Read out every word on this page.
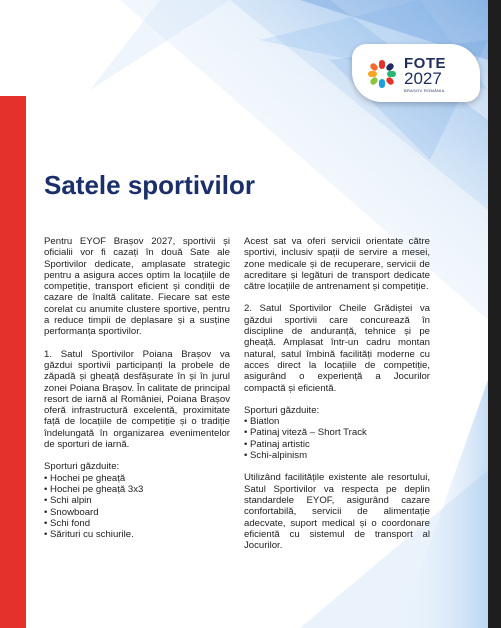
FOTE
2027
BRAȘOV ROMÂNIA
Satele sportivilor

Pentru EYOF Brașov 2027, sportivii și oficialii vor fi cazați în două Sate ale Sportivilor dedicate, amplasate strategic pentru a asigura acces optim la locațiile de competiție, transport eficient și condiții de cazare de înaltă calitate. Fiecare sat este corelat cu anumite clustere sportive, pentru a reduce timpii de deplasare și a susține performanța sportivilor.

1. Satul Sportivilor Poiana Brașov va găzdui sportivii participanți la probele de zăpadă și gheață desfășurate în și în jurul zonei Poiana Brașov. În calitate de principal resort de iarnă al României, Poiana Brașov oferă infrastructură excelentă, proximitate față de locațiile de competiție și o tradiție îndelungată în organizarea evenimentelor de sporturi de iarnă.

Sporturi găzduite:

• Hochei pe gheață
• Hochei pe gheață 3x3
• Schi alpin
• Snowboard
• Schi fond
• Sărituri cu schiurile.

Acest sat va oferi servicii orientate către sportivi, inclusiv spații de servire a mesei, zone medicale și de recuperare, servicii de acreditare și legături de transport dedicate către locațiile de antrenament și competiție.

2. Satul Sportivilor Cheile Grădiștei va găzdui sportivii care concurează în discipline de anduranță, tehnice și pe gheață. Amplasat într-un cadru montan natural, satul îmbină facilități moderne cu acces direct la locațiile de competiție, asigurând o experiență a Jocurilor compactă și eficientă.

Sporturi găzduite:

• Biatlon
• Patinaj viteză – Short Track
• Patinaj artistic
• Schi-alpinism

Utilizând facilitățile existente ale resortului, Satul Sportivilor va respecta pe deplin standardele EYOF, asigurând cazare confortabilă, servicii de alimentație adecvate, suport medical și o coordonare eficientă cu sistemul de transport al Jocurilor.
